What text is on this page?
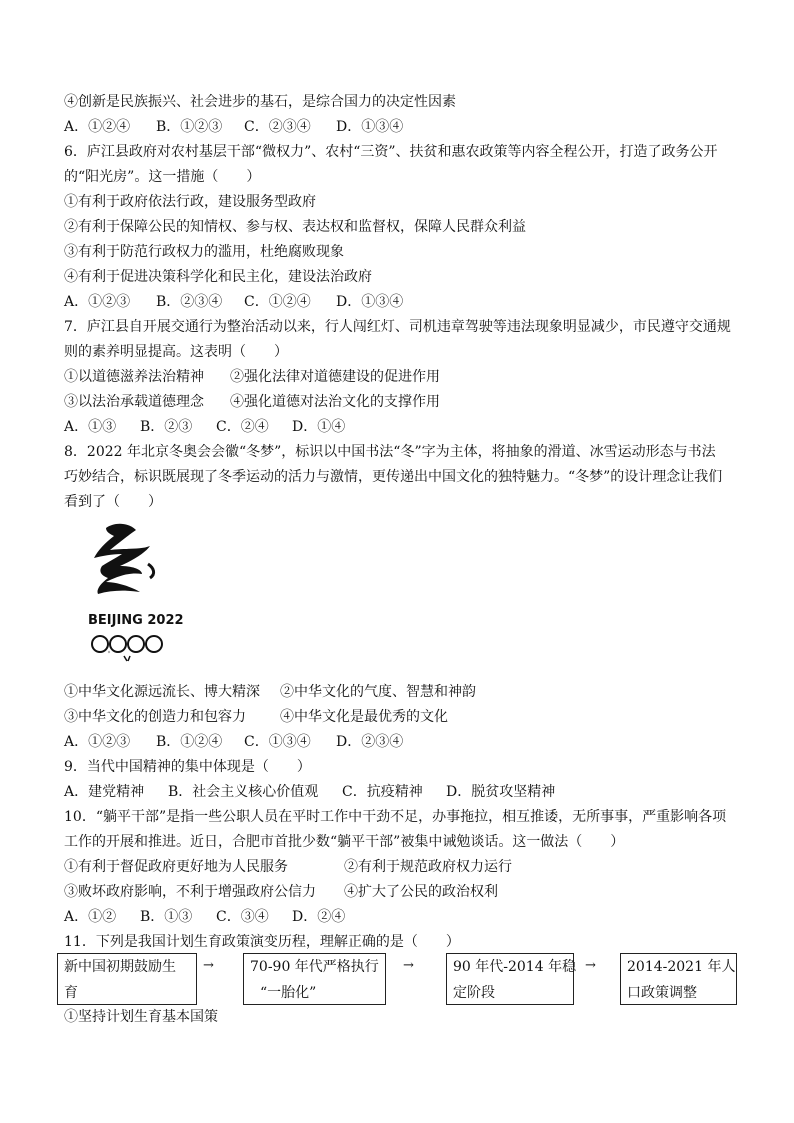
④创新是民族振兴、社会进步的基石，是综合国力的决定性因素
A．①②④ B．①②③ C．②③④ D．①③④
6．庐江县政府对农村基层干部“微权力”、农村“三资”、扶贫和惠农政策等内容全程公开，打造了政务公开
的“阳光房”。这一措施（　　）
①有利于政府依法行政，建设服务型政府
②有利于保障公民的知情权、参与权、表达权和监督权，保障人民群众利益
③有利于防范行政权力的滥用，杜绝腐败现象
④有利于促进决策科学化和民主化，建设法治政府
A．①②③ B．②③④ C．①②④ D．①③④
7．庐江县自开展交通行为整治活动以来，行人闯红灯、司机违章驾驶等违法现象明显减少，市民遵守交通规
则的素养明显提高。这表明（　　）
①以道德滋养法治精神 ②强化法律对道德建设的促进作用
③以法治承载道德理念 ④强化道德对法治文化的支撑作用
A．①③ B．②③ C．②④ D．①④
8．2022 年北京冬奥会会徽“冬梦”，标识以中国书法“冬”字为主体，将抽象的滑道、冰雪运动形态与书法
巧妙结合，标识既展现了冬季运动的活力与激情，更传递出中国文化的独特魅力。“冬梦”的设计理念让我们
看到了（　　）
BEIJING 2022
①中华文化源远流长、博大精深 ②中华文化的气度、智慧和神韵
③中华文化的创造力和包容力 ④中华文化是最优秀的文化
A．①②③ B．①②④ C．①③④ D．②③④
9．当代中国精神的集中体现是（　　）
A．建党精神 B．社会主义核心价值观 C．抗疫精神 D．脱贫攻坚精神
10．“躺平干部”是指一些公职人员在平时工作中干劲不足，办事拖拉，相互推诿，无所事事，严重影响各项
工作的开展和推进。近日，合肥市首批少数“躺平干部”被集中诫勉谈话。这一做法（　　）
①有利于督促政府更好地为人民服务	②有利于规范政府权力运行
③败坏政府影响，不利于增强政府公信力 ④扩大了公民的政治权利
A．①② B．①③ C．③④ D．②④
11．下列是我国计划生育政策演变历程，理解正确的是（　　）
新中国初期鼓励生
育
→	70-90 年代严格执行
“一胎化”
→	90 年代-2014 年稳
定阶段
→ 2014-2021 年人
口政策调整
①坚持计划生育基本国策
